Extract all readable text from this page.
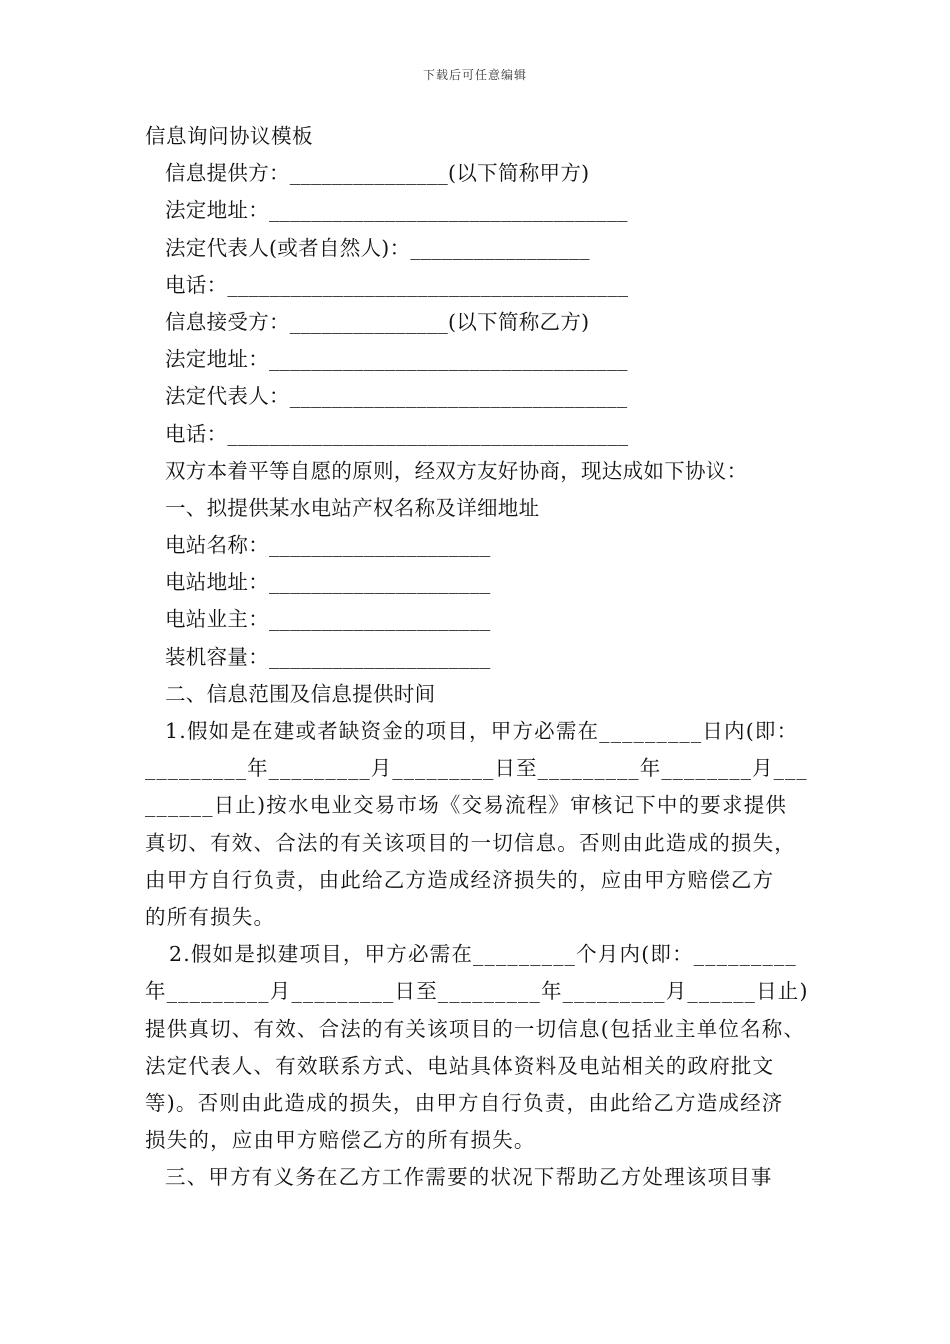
下载后可任意编辑
信息询问协议模板
信息提供方：_______________(以下简称甲方)
法定地址：__________________________________
法定代表人(或者自然人)：_________________
电话：______________________________________
信息接受方：_______________(以下简称乙方)
法定地址：__________________________________
法定代表人：________________________________
电话：______________________________________
双方本着平等自愿的原则，经双方友好协商，现达成如下协议：
一、拟提供某水电站产权名称及详细地址
电站名称：_____________________
电站地址：_____________________
电站业主：_____________________
装机容量：_____________________
二、信息范围及信息提供时间
1.假如是在建或者缺资金的项目，甲方必需在_________日内(即：
_________年_________月_________日至_________年________月___
______日止)按水电业交易市场《交易流程》审核记下中的要求提供
真切、有效、合法的有关该项目的一切信息。否则由此造成的损失，
由甲方自行负责，由此给乙方造成经济损失的，应由甲方赔偿乙方
的所有损失。
2.假如是拟建项目，甲方必需在_________个月内(即：_________
年_________月_________日至_________年_________月______日止)
提供真切、有效、合法的有关该项目的一切信息(包括业主单位名称、
法定代表人、有效联系方式、电站具体资料及电站相关的政府批文
等)。否则由此造成的损失，由甲方自行负责，由此给乙方造成经济
损失的，应由甲方赔偿乙方的所有损失。
三、甲方有义务在乙方工作需要的状况下帮助乙方处理该项目事
